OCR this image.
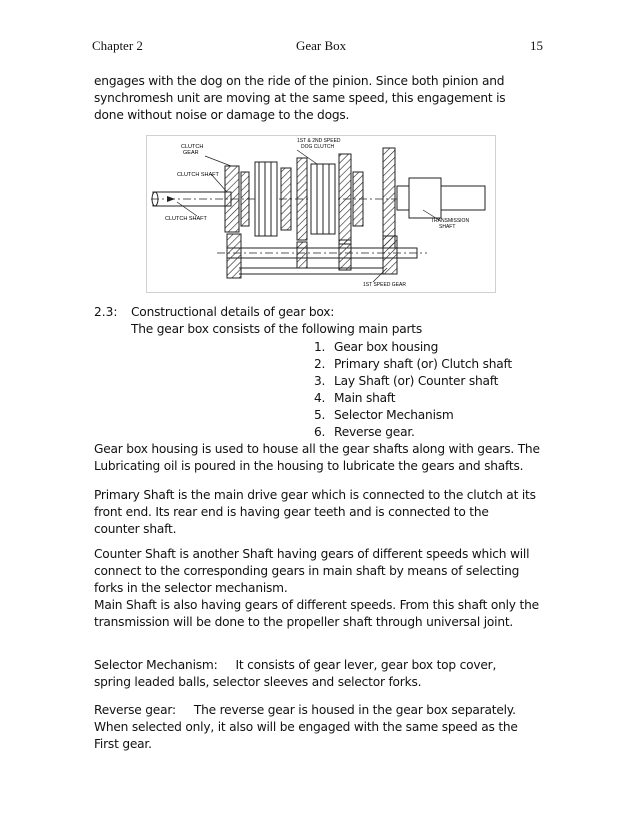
Chapter 2	Gear Box	15
engages with the dog on the ride of the pinion. Since both pinion and
synchromesh unit are moving at the same speed, this engagement is
done without noise or damage to the dogs.
CLUTCH GEAR
1ST & 2ND SPEED DOG CLUTCH
CLUTCH SHAFT
CLUTCH SHAFT	TRANSMISSION SHAFT
1ST SPEED GEAR
2.3: Constructional details of gear box:
The gear box consists of the following main parts
1. Gear box housing
2. Primary shaft (or) Clutch shaft
3. Lay Shaft (or) Counter shaft
4. Main shaft
5. Selector Mechanism
6. Reverse gear.
Gear box housing is used to house all the gear shafts along with gears. The
Lubricating oil is poured in the housing to lubricate the gears and shafts.
Primary Shaft is the main drive gear which is connected to the clutch at its
front end. Its rear end is having gear teeth and is connected to the
counter shaft.
Counter Shaft is another Shaft having gears of different speeds which will
connect to the corresponding gears in main shaft by means of selecting
forks in the selector mechanism.
Main Shaft is also having gears of different speeds. From this shaft only the
transmission will be done to the propeller shaft through universal joint.
Selector Mechanism: It consists of gear lever, gear box top cover,
spring leaded balls, selector sleeves and selector forks.
Reverse gear: The reverse gear is housed in the gear box separately.
When selected only, it also will be engaged with the same speed as the
First gear.
